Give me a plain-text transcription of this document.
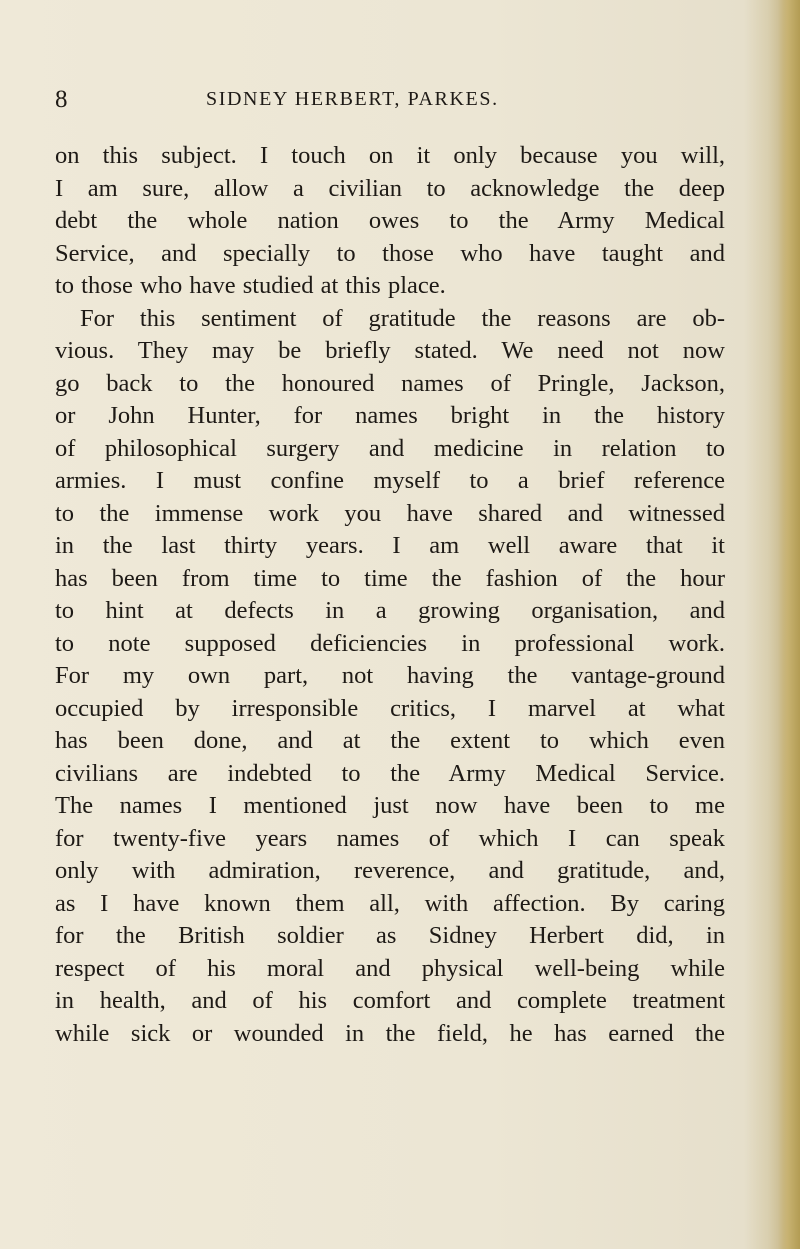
8	SIDNEY HERBERT, PARKES.
on this subject. I touch on it only because you will,
I am sure, allow a civilian to acknowledge the deep
debt the whole nation owes to the Army Medical
Service, and specially to those who have taught and
to those who have studied at this place.
For this sentiment of gratitude the reasons are ob-
vious. They may be briefly stated. We need not now
go back to the honoured names of Pringle, Jackson,
or John Hunter, for names bright in the history
of philosophical surgery and medicine in relation to
armies. I must confine myself to a brief reference
to the immense work you have shared and witnessed
in the last thirty years. I am well aware that it
has been from time to time the fashion of the hour
to hint at defects in a growing organisation, and
to note supposed deficiencies in professional work.
For my own part, not having the vantage-ground
occupied by irresponsible critics, I marvel at what
has been done, and at the extent to which even
civilians are indebted to the Army Medical Service.
The names I mentioned just now have been to me
for twenty-five years names of which I can speak
only with admiration, reverence, and gratitude, and,
as I have known them all, with affection. By caring
for the British soldier as Sidney Herbert did, in
respect of his moral and physical well-being while
in health, and of his comfort and complete treatment
while sick or wounded in the field, he has earned the
